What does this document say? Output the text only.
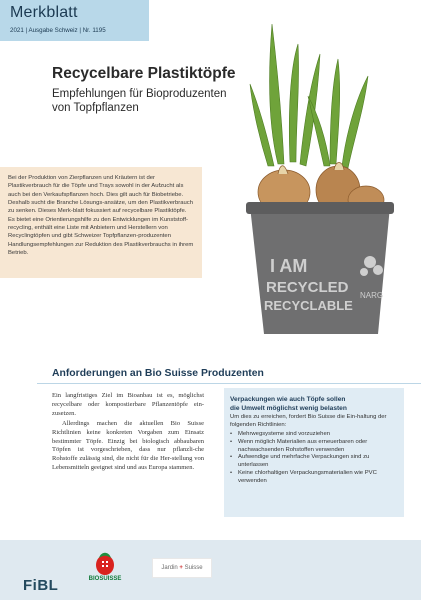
Merkblatt
2021 | Ausgabe Schweiz | Nr. 1195
Recycelbare Plastiktöpfe
Empfehlungen für Bioproduzenten
von Topfpflanzen
I AM
RECYCLED
RECYCLABLE
NARG

Bei der Produktion von Zierpflanzen und Kräutern ist der Plastikverbrauch für die Töpfe und Trays sowohl in der Aufzucht als auch bei den Verkaufspflanzen hoch. Dies gilt auch für Biobetriebe. Deshalb sucht die Branche Lösungs-ansätze, um den Plastikverbrauch zu senken. Dieses Merk-blatt fokussiert auf recycelbare Plastiktöpfe. Es bietet eine Orientierungshilfe zu den Entwicklungen im Kunststoff-recycling, enthält eine Liste mit Anbietern und Herstellern von Recyclingtöpfen und gibt Schweizer Topfpflanzen-produzenten Handlungsempfehlungen zur Reduktion des Plastikverbrauchs in ihrem Betrieb.

Anforderungen an Bio Suisse Produzenten

Ein langfristiges Ziel im Bioanbau ist es, möglichst recycelbare oder kompostierbare Pflanzentöpfe ein-zusetzen.

Allerdings machen die aktuellen Bio Suisse Richtlinien keine konkreten Vorgaben zum Einsatz bestimmter Töpfe. Einzig bei biologisch abbaubaren Töpfen ist vorgeschrieben, dass nur pflanzli-che Rohstoffe zulässig sind, die nicht für die Her-stellung von Lebensmitteln geeignet sind und aus Europa stammen.

Verpackungen wie auch Töpfe sollen
die Umwelt möglichst wenig belasten
Um dies zu erreichen, fordert Bio Suisse die Ein-haltung der folgenden Richtlinien:
• Mehrwegsysteme sind vorzuziehen
• Wenn möglich Materialien aus erneuerbaren oder nachwachsenden Rohstoffen verwenden
• Aufwendige und mehrfache Verpackungen sind zu unterlassen
• Keine chlorhaltigen Verpackungsmaterialien wie PVC verwenden
FiBL	BIOSUISSE
Jardin + Suisse
